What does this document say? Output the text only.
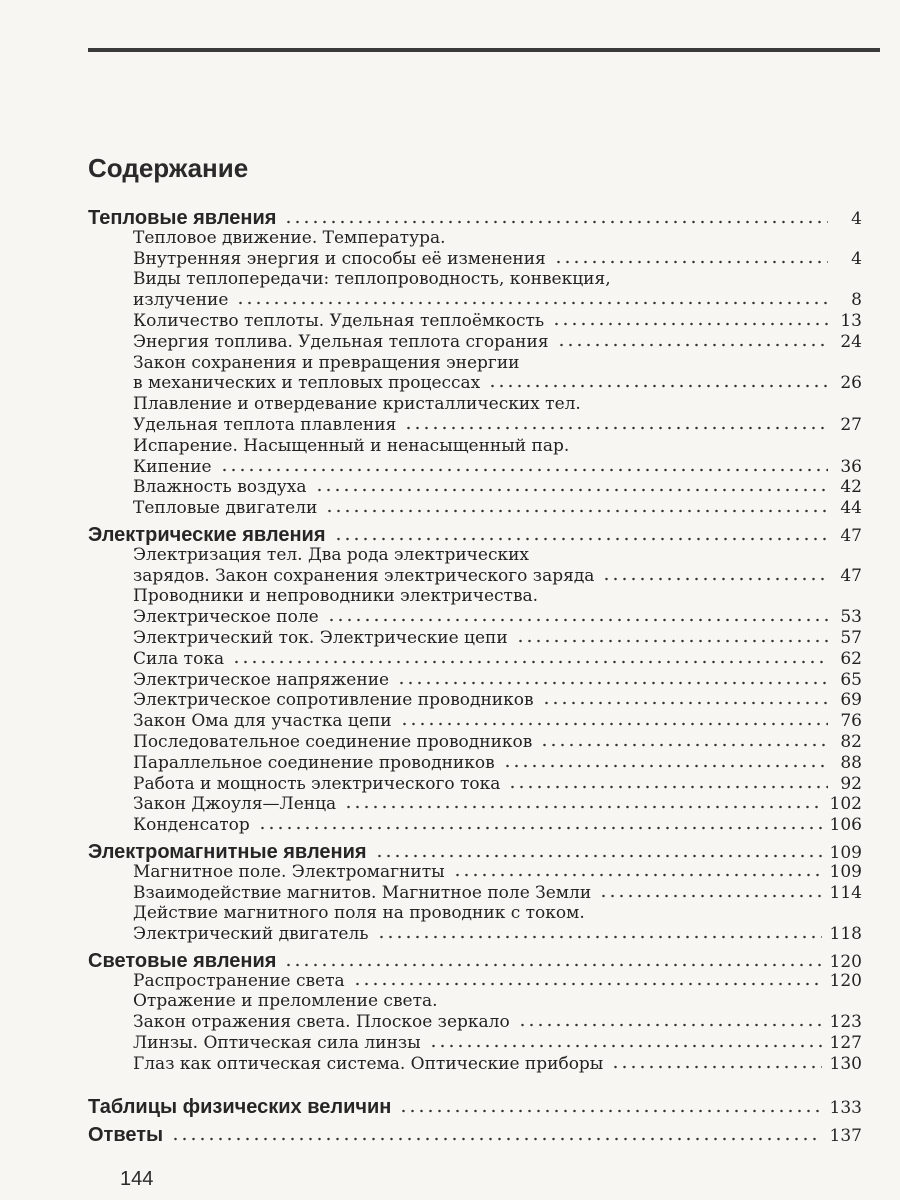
Содержание
Тепловые явления	4
Тепловое движение. Температура.
Внутренняя энергия и способы её изменения	4
Виды теплопередачи: теплопроводность, конвекция,
излучение	8
Количество теплоты. Удельная теплоёмкость	13
Энергия топлива. Удельная теплота сгорания	24
Закон сохранения и превращения энергии
в механических и тепловых процессах	26
Плавление и отвердевание кристаллических тел.
Удельная теплота плавления	27
Испарение. Насыщенный и ненасыщенный пар.
Кипение	36
Влажность воздуха	42
Тепловые двигатели	44
Электрические явления	47
Электризация тел. Два рода электрических
зарядов. Закон сохранения электрического заряда	47
Проводники и непроводники электричества.
Электрическое поле	53
Электрический ток. Электрические цепи	57
Сила тока	62
Электрическое напряжение	65
Электрическое сопротивление проводников	69
Закон Ома для участка цепи	76
Последовательное соединение проводников	82
Параллельное соединение проводников	88
Работа и мощность электрического тока	92
Закон Джоуля—Ленца	102
Конденсатор	106
Электромагнитные явления	109
Магнитное поле. Электромагниты	109
Взаимодействие магнитов. Магнитное поле Земли	114
Действие магнитного поля на проводник с током.
Электрический двигатель	118
Световые явления	120
Распространение света	120
Отражение и преломление света.
Закон отражения света. Плоское зеркало	123
Линзы. Оптическая сила линзы	127
Глаз как оптическая система. Оптические приборы	130
Таблицы физических величин	133
Ответы	137
144
